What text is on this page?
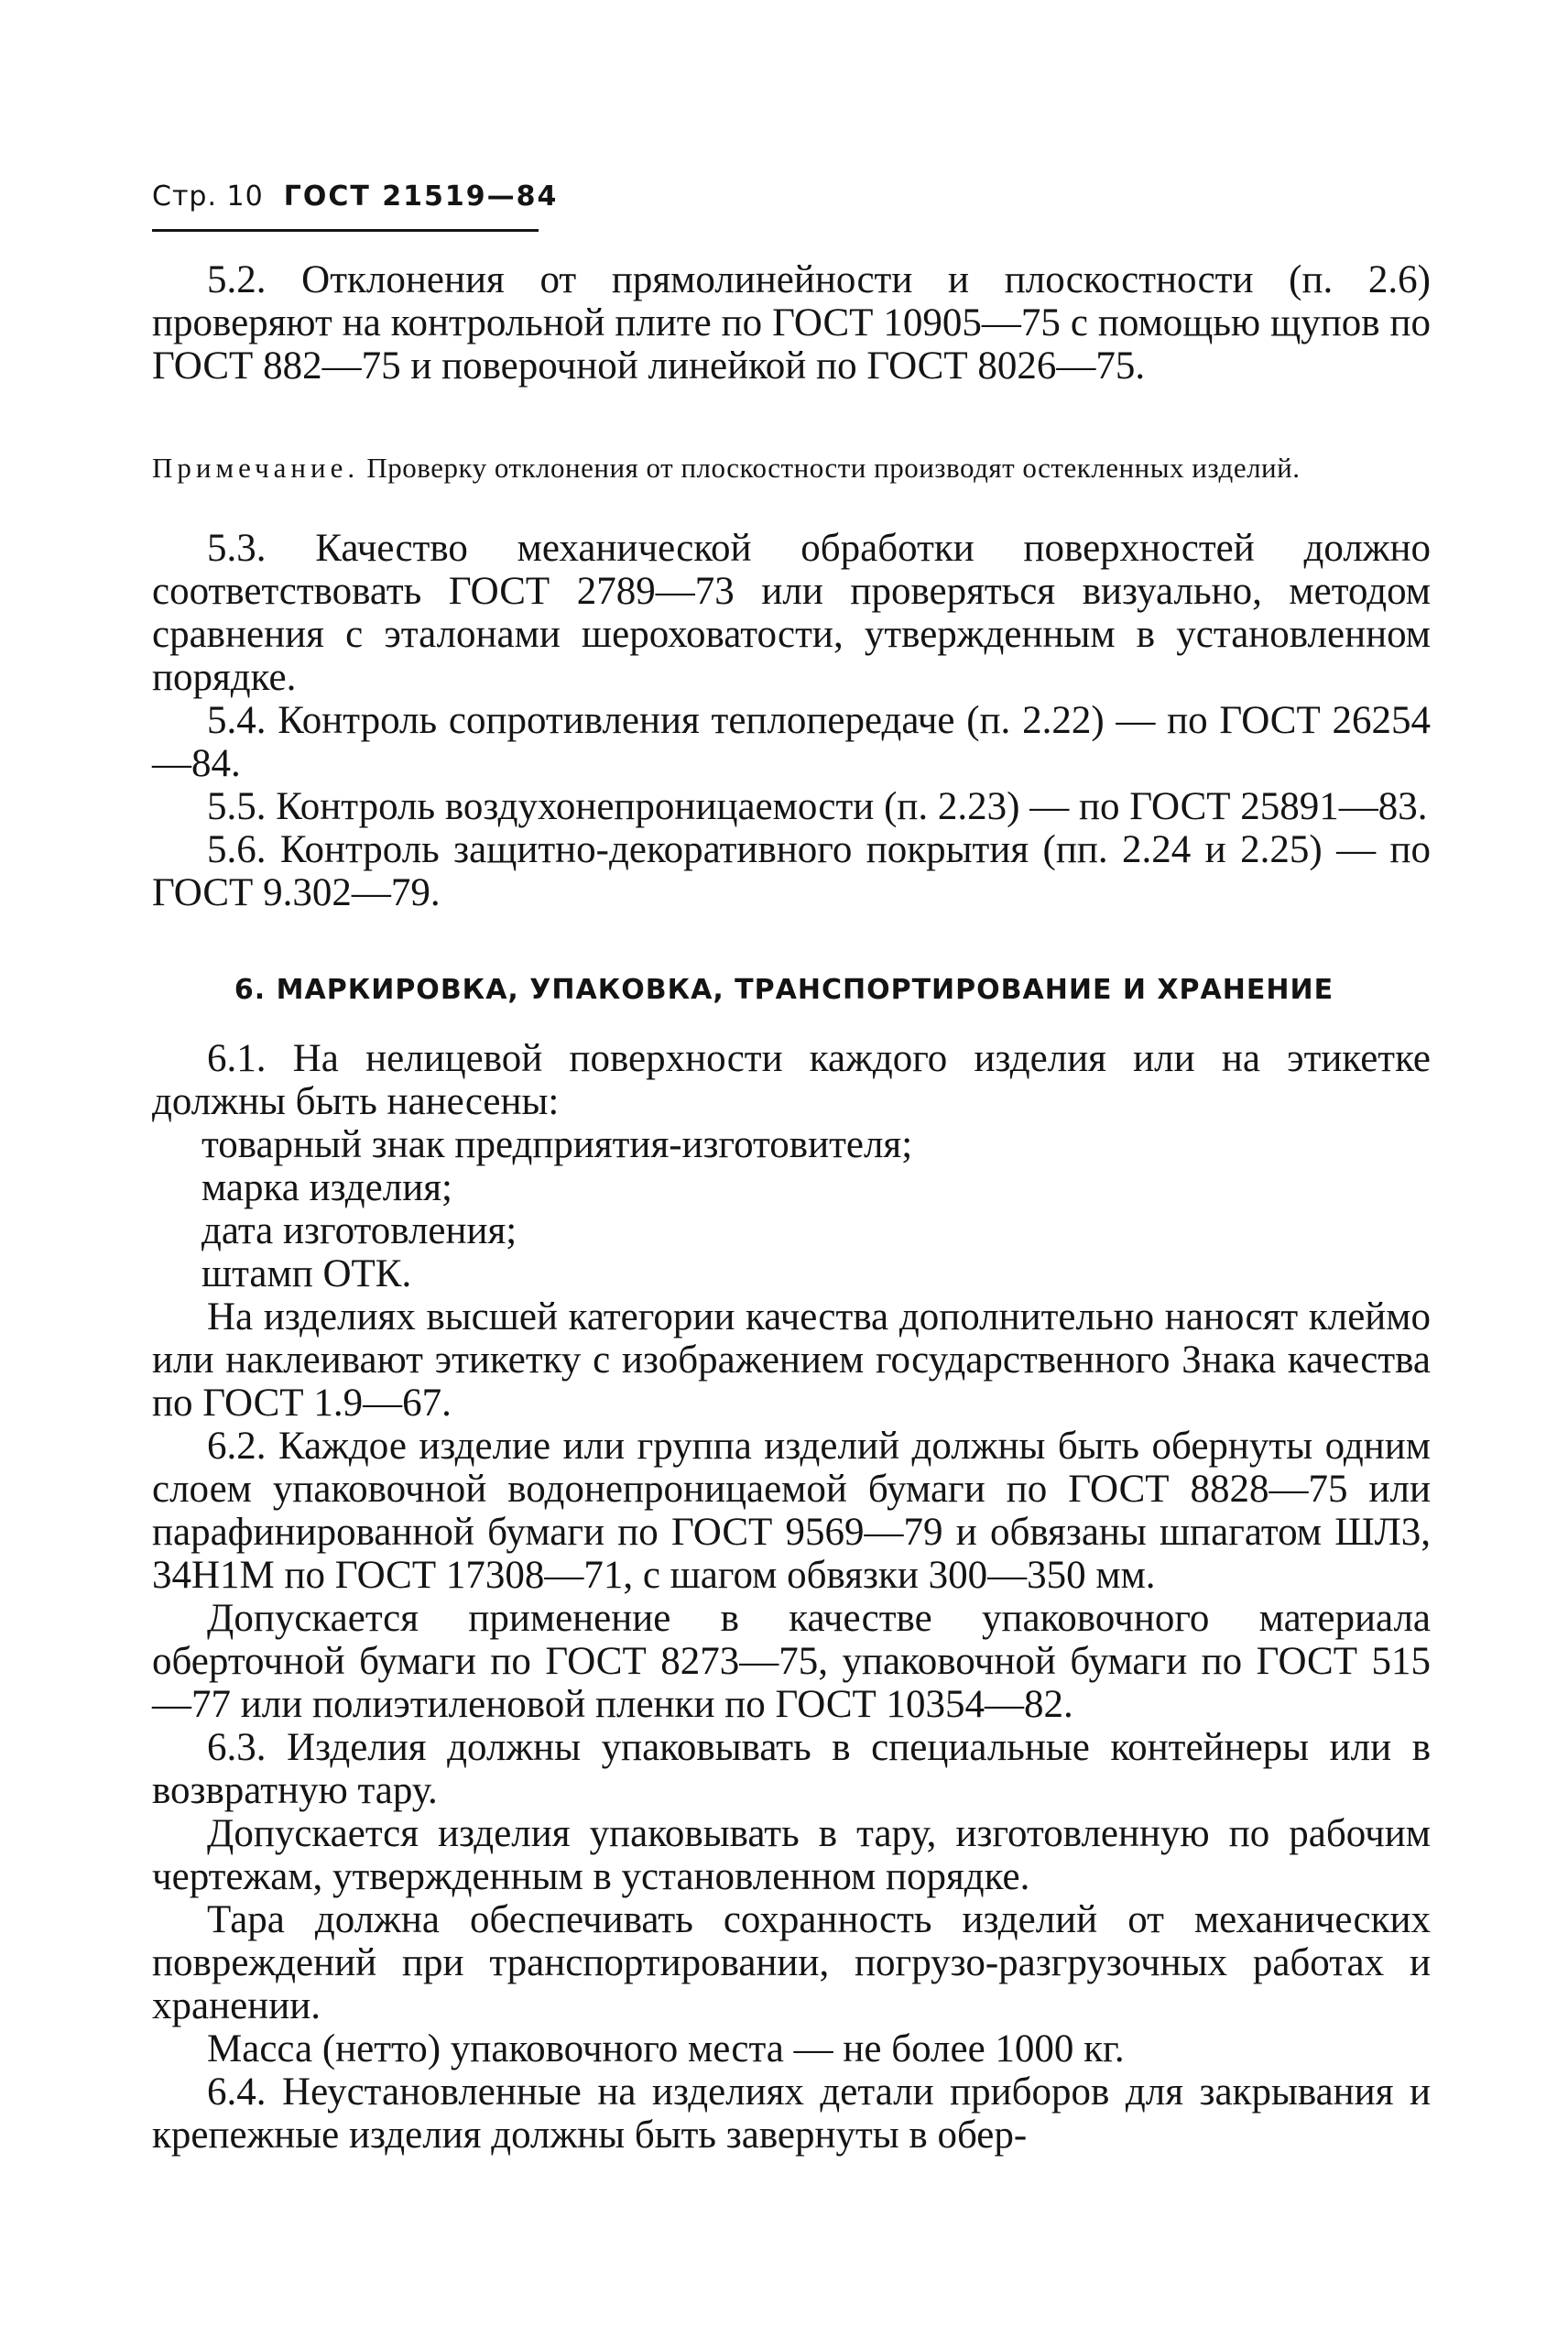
Стр. 10 ГОСТ 21519—84

5.2. Отклонения от прямолинейности и плоскостности (п. 2.6) проверяют на контрольной плите по ГОСТ 10905—75 с помощью щупов по ГОСТ 882—75 и поверочной линейкой по ГОСТ 8026—75.

Примечание. Проверку отклонения от плоскостности производят остекленных изделий.

5.3. Качество механической обработки поверхностей должно соответствовать ГОСТ 2789—73 или проверяться визуально, методом сравнения с эталонами шероховатости, утвержденным в установленном порядке.

5.4. Контроль сопротивления теплопередаче (п. 2.22) — по ГОСТ 26254—84.

5.5. Контроль воздухонепроницаемости (п. 2.23) — по ГОСТ 25891—83.

5.6. Контроль защитно-декоративного покрытия (пп. 2.24 и 2.25) — по ГОСТ 9.302—79.

6. МАРКИРОВКА, УПАКОВКА, ТРАНСПОРТИРОВАНИЕ И ХРАНЕНИЕ

6.1. На нелицевой поверхности каждого изделия или на этикетке должны быть нанесены:

товарный знак предприятия-изготовителя;

марка изделия;

дата изготовления;

штамп ОТК.

На изделиях высшей категории качества дополнительно наносят клеймо или наклеивают этикетку с изображением государственного Знака качества по ГОСТ 1.9—67.

6.2. Каждое изделие или группа изделий должны быть обернуты одним слоем упаковочной водонепроницаемой бумаги по ГОСТ 8828—75 или парафинированной бумаги по ГОСТ 9569—79 и обвязаны шпагатом ШЛ3, 34Н1М по ГОСТ 17308—71, с шагом обвязки 300—350 мм.

Допускается применение в качестве упаковочного материала оберточной бумаги по ГОСТ 8273—75, упаковочной бумаги по ГОСТ 515—77 или полиэтиленовой пленки по ГОСТ 10354—82.

6.3. Изделия должны упаковывать в специальные контейнеры или в возвратную тару.

Допускается изделия упаковывать в тару, изготовленную по рабочим чертежам, утвержденным в установленном порядке.

Тара должна обеспечивать сохранность изделий от механических повреждений при транспортировании, погрузо-разгрузочных работах и хранении.

Масса (нетто) упаковочного места — не более 1000 кг.

6.4. Неустановленные на изделиях детали приборов для закрывания и крепежные изделия должны быть завернуты в обер-
